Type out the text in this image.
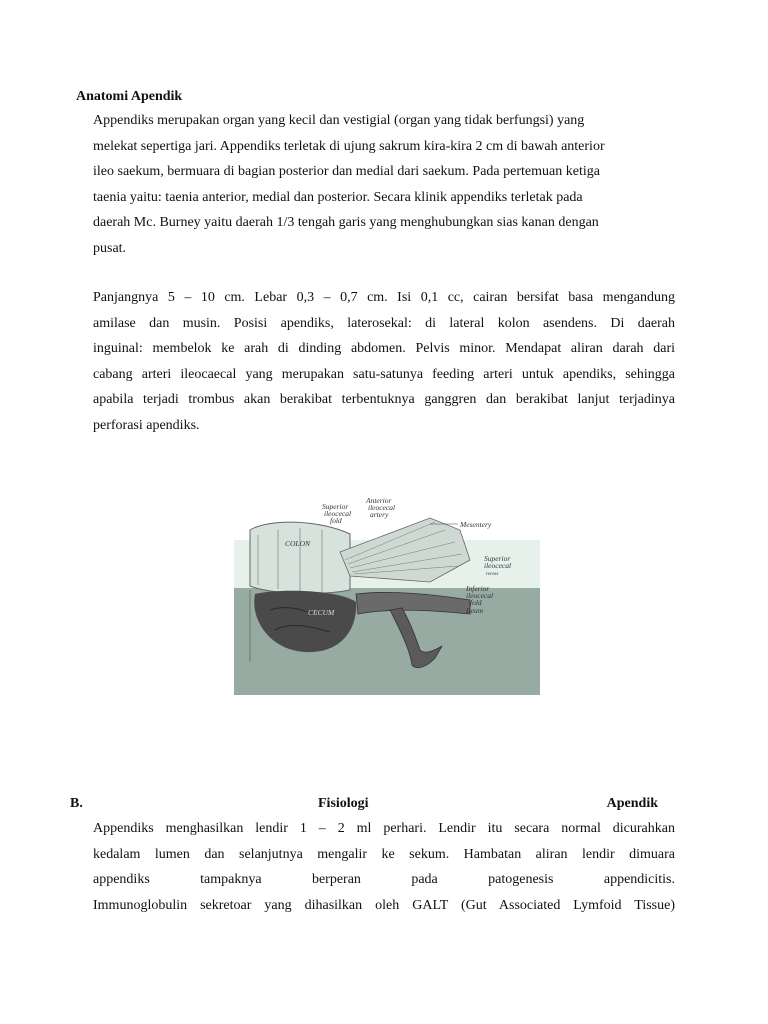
Anatomi Apendik
Appendiks merupakan organ yang kecil dan vestigial (organ yang tidak berfungsi) yang
melekat sepertiga jari. Appendiks terletak di ujung sakrum kira-kira 2 cm di bawah anterior
ileo saekum, bermuara di bagian posterior dan medial dari saekum. Pada pertemuan ketiga
taenia yaitu: taenia anterior, medial dan posterior. Secara klinik appendiks terletak pada
daerah Mc. Burney yaitu daerah 1/3 tengah garis yang menghubungkan sias kanan dengan
pusat.
Panjangnya 5 – 10 cm. Lebar 0,3 – 0,7 cm. Isi 0,1 cc, cairan bersifat basa mengandung
amilase dan musin. Posisi apendiks, laterosekal: di lateral kolon asendens. Di daerah
inguinal: membelok ke arah di dinding abdomen. Pelvis minor. Mendapat aliran darah dari
cabang arteri ileocaecal yang merupakan satu-satunya feeding arteri untuk apendiks, sehingga
apabila terjadi trombus akan berakibat terbentuknya ganggren dan berakibat lanjut terjadinya
perforasi apendiks.
COLON
CECUM
Superior
ileocecal
fold
Anterior
ileocecal
artery
Mesentery
Superior
ileocecal
recess
Inferior
ileocecal
fold
Ileum
B.	Fisiologi	Apendik
Appendiks menghasilkan lendir 1 – 2 ml perhari. Lendir itu secara normal dicurahkan
kedalam lumen dan selanjutnya mengalir ke sekum. Hambatan aliran lendir dimuara
appendiks tampaknya berperan pada patogenesis appendicitis.
Immunoglobulin sekretoar yang dihasilkan oleh GALT (Gut Associated Lymfoid Tissue)
